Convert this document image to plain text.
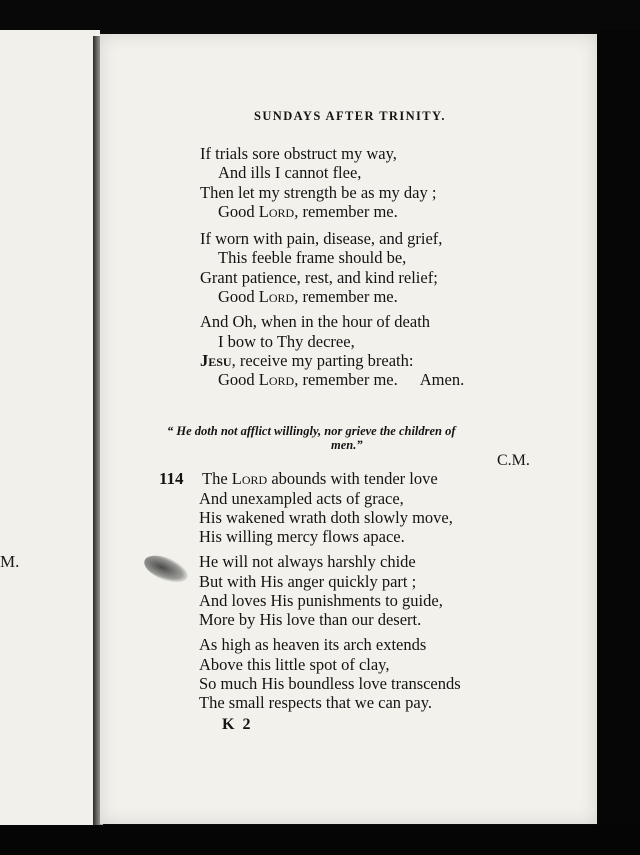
M.
SUNDAYS AFTER TRINITY.
If trials sore obstruct my way,
And ills I cannot flee,
Then let my strength be as my day ;
Good Lord, remember me.
If worn with pain, disease, and grief,
This feeble frame should be,
Grant patience, rest, and kind relief;
Good Lord, remember me.
And Oh, when in the hour of death
I bow to Thy decree,
Jesu, receive my parting breath:
Good Lord, remember me. Amen.
“ He doth not afflict willingly, nor grieve the children of
men.”
C.M.
114 The Lord abounds with tender love
And unexampled acts of grace,
His wakened wrath doth slowly move,
His willing mercy flows apace.
He will not always harshly chide
But with His anger quickly part ;
And loves His punishments to guide,
More by His love than our desert.
As high as heaven its arch extends
Above this little spot of clay,
So much His boundless love transcends
The small respects that we can pay.
K 2
